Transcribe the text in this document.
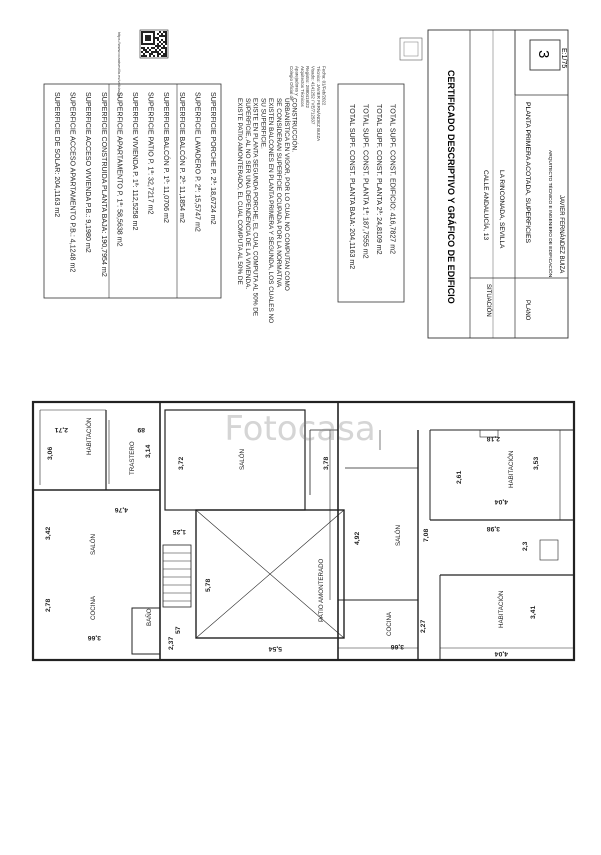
SUPERFICIE DE SOLAR: 204,1163 m2 SUPERFICIE ACCESO APARTAMENTO P.B.: 4,1248 m2 SUPERFICIE ACCESO VIVIENDA P.B.: 9,1980 m2 SUPERFICIE CONSTRUIDA PLANTA BAJA: 190,7954 m2 SUPERFICIE APARTAMENTO P. 1ª: 58,5638 m2 SUPERFICIE VIVIENDA P. 1ª: 112,5258 m2 SUPERFICIE PATIO P. 1ª: 32,7217 m2 SUPERFICIE BALCÓN P. 1ª: 11,0706 m2 SUPERFICIE BALCÓN P. 2ª: 11,1854 m2 SUPERFICIE LAVADERO P. 2ª: 15,5747 m2 SUPERFICIE PORCHE P. 2ª: 18,6724 m2	EXISTE PATIO AMONTERADO, EL CUAL COMPUTA AL 50% DE SUPERFICIE, AL NO SER UNA DEPENDENCIA DE LA VIVIENDA. EXISTE EN PLANTA SEGUNDA PORCHE, EL CUAL COMPUTA AL 50% DE SU SUPERFICIE. EXISTEN BALCONES EN PLANTA PRIMERA Y SEGUNDA, LOS CUALES NO SE CONSIDERAN SUPERFICIE OCUPADA POR LA NORMATIVA URBANÍSTICA EN VIGOR, POR LO CUAL NO COMPUTAN COMO CONSTRUCCIÓN.	TOTAL SUPF. CONST. PLANTA BAJA: 204,1163 m2 TOTAL SUPF. CONST. PLANTA 1ª: 187,7555 m2 TOTAL SUPF. CONST. PLANTA 2ª: 24,8109 m2 TOTAL SUPF. CONST. EDIFICIO: 416,7827 m2	CERTIFICADO DESCRIPTIVO Y GRÁFICO DE EDIFICIO	SITUACIÓN
CALLE ANDALUCÍA, 13	LA RINCONADA, SEVILLA
PLANO
PLANTA PRIMERA ACOTADA, SUPERFICIES	ARQUITECTO TÉCNICO E INGENIERO DE EDIFICACIÓN	JAVIER FERNÁNDEZ BUIZA
3 E:1/75
Colegio Oficial de Aparejadores y Arquitectos Técnicos Registro: 2880418/22 Visado: 4141252 / VE/712537 Técnico: JAVIER FERNÁNDEZ BUIZA Fecha: 01/Feb/2022
https://www.coaatsevilla.es/validacion
HABITACIÓN
TRASTERO	SALÓN
SALÓN
COCINA	BAÑO	PATIO AMONTERADO
SALÓN
COCINA
HABITACIÓN
HABITACIÓN
2,71
3,06
89
3,14
3,72	3,78
4,76
3,42	1,25
5,78
2,78
3,66	2,37
57
5,54
4,92	7,08
2,61
3,53
2,18
4,04
3,98
2,3
2,27
3,66
3,41
4,04
Fotocasa
